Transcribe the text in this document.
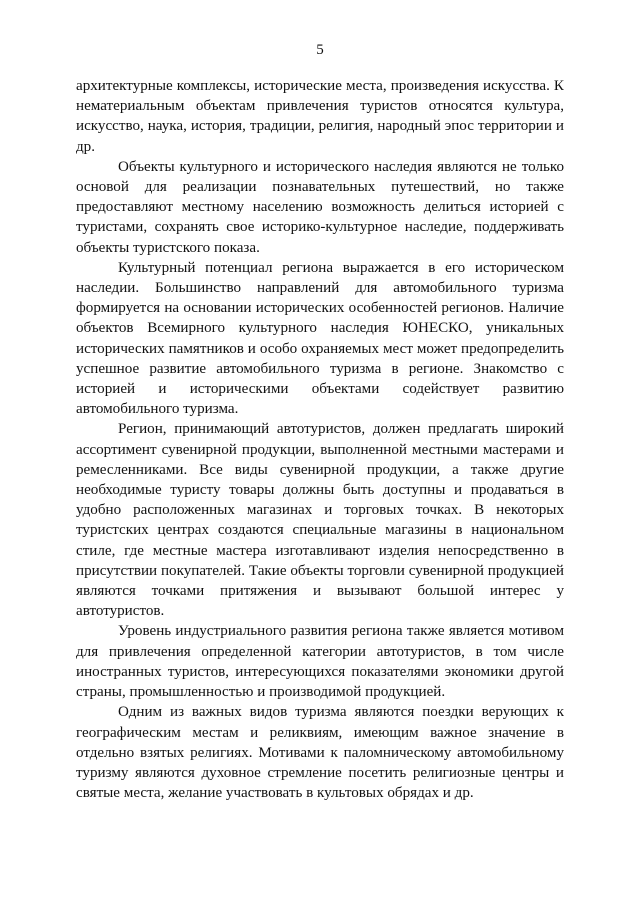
5

архитектурные комплексы, исторические места, произведения искусства. К нематериальным объектам привлечения туристов относятся культура, искусство, наука, история, традиции, религия, народный эпос территории и др.

Объекты культурного и исторического наследия являются не только основой для реализации познавательных путешествий, но также предоставляют местному населению возможность делиться историей с туристами, сохранять свое историко-культурное наследие, поддерживать объекты туристского показа.

Культурный потенциал региона выражается в его историческом наследии. Большинство направлений для автомобильного туризма формируется на основании исторических особенностей регионов. Наличие объектов Всемирного культурного наследия ЮНЕСКО, уникальных исторических памятников и особо охраняемых мест может предопределить успешное развитие автомобильного туризма в регионе. Знакомство с историей и историческими объектами содействует развитию автомобильного туризма.

Регион, принимающий автотуристов, должен предлагать широкий ассортимент сувенирной продукции, выполненной местными мастерами и ремесленниками. Все виды сувенирной продукции, а также другие необходимые туристу товары должны быть доступны и продаваться в удобно расположенных магазинах и торговых точках. В некоторых туристских центрах создаются специальные магазины в национальном стиле, где местные мастера изготавливают изделия непосредственно в присутствии покупателей. Такие объекты торговли сувенирной продукцией являются точками притяжения и вызывают большой интерес у автотуристов.

Уровень индустриального развития региона также является мотивом для привлечения определенной категории автотуристов, в том числе иностранных туристов, интересующихся показателями экономики другой страны, промышленностью и производимой продукцией.

Одним из важных видов туризма являются поездки верующих к географическим местам и реликвиям, имеющим важное значение в отдельно взятых религиях. Мотивами к паломническому автомобильному туризму являются духовное стремление посетить религиозные центры и святые места, желание участвовать в культовых обрядах и др.
